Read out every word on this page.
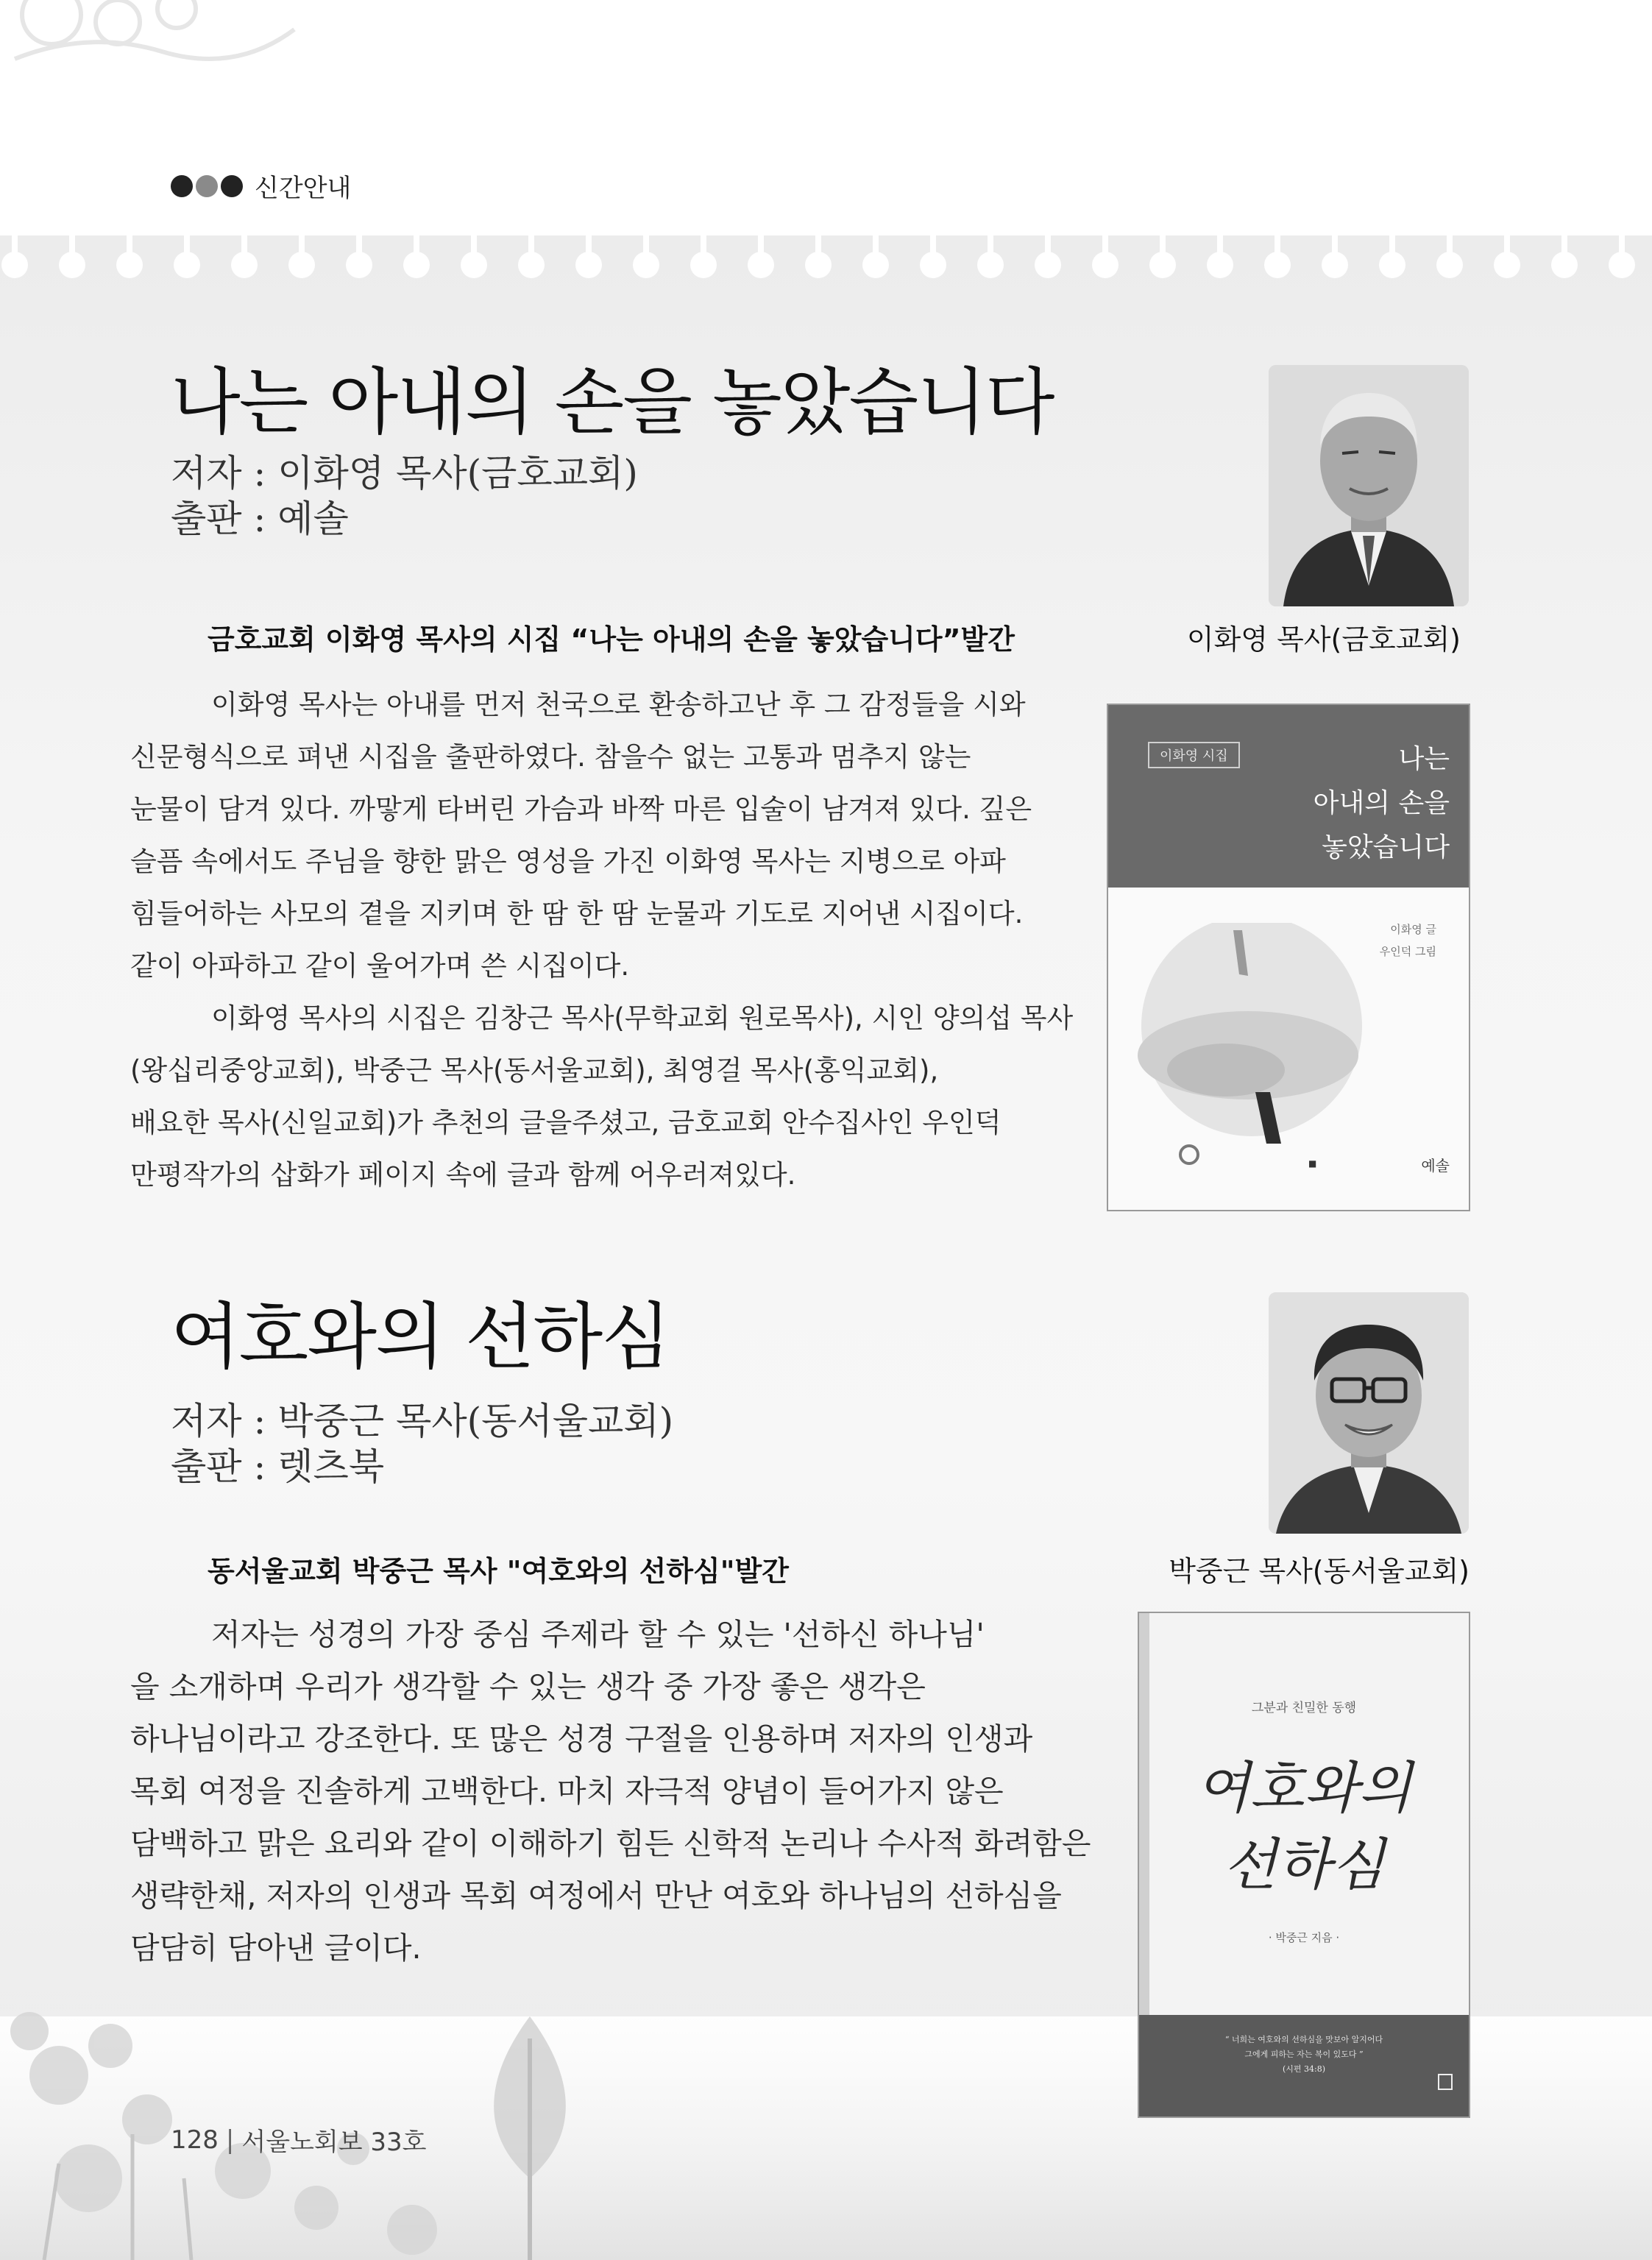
신간안내
나는 아내의 손을 놓았습니다
저자 : 이화영 목사(금호교회)
출판 : 예솔
금호교회 이화영 목사의 시집 “나는 아내의 손을 놓았습니다”발간

이화영 목사는 아내를 먼저 천국으로 환송하고난 후 그 감정들을 시와
신문형식으로 펴낸 시집을 출판하였다. 참을수 없는 고통과 멈추지 않는
눈물이 담겨 있다. 까맣게 타버린 가슴과 바짝 마른 입술이 남겨져 있다. 깊은
슬픔 속에서도 주님을 향한 맑은 영성을 가진 이화영 목사는 지병으로 아파
힘들어하는 사모의 곁을 지키며 한 땀 한 땀 눈물과 기도로 지어낸 시집이다.
같이 아파하고 같이 울어가며 쓴 시집이다.

이화영 목사의 시집은 김창근 목사(무학교회 원로목사), 시인 양의섭 목사
(왕십리중앙교회), 박중근 목사(동서울교회), 최영걸 목사(홍익교회),
배요한 목사(신일교회)가 추천의 글을주셨고, 금호교회 안수집사인 우인덕
만평작가의 삽화가 페이지 속에 글과 함께 어우러져있다.

이화영 목사(금호교회)
이화영 시집	나는
아내의 손을
놓았습니다
이화영 글
우인덕 그림
■	예솔
여호와의 선하심
저자 : 박중근 목사(동서울교회)
출판 : 렛츠북
동서울교회 박중근 목사 "여호와의 선하심"발간

저자는 성경의 가장 중심 주제라 할 수 있는 '선하신 하나님'
을 소개하며 우리가 생각할 수 있는 생각 중 가장 좋은 생각은
하나님이라고 강조한다. 또 많은 성경 구절을 인용하며 저자의 인생과
목회 여정을 진솔하게 고백한다. 마치 자극적 양념이 들어가지 않은
담백하고 맑은 요리와 같이 이해하기 힘든 신학적 논리나 수사적 화려함은
생략한채, 저자의 인생과 목회 여정에서 만난 여호와 하나님의 선하심을
담담히 담아낸 글이다.

박중근 목사(동서울교회)
그분과 친밀한 동행
여호와의
선하심
· 박중근 지음 ·
“ 너희는 여호와의 선하심을 맛보아 알지어다
그에게 피하는 자는 복이 있도다 ”
(시편 34:8)
128 | 서울노회보 33호
